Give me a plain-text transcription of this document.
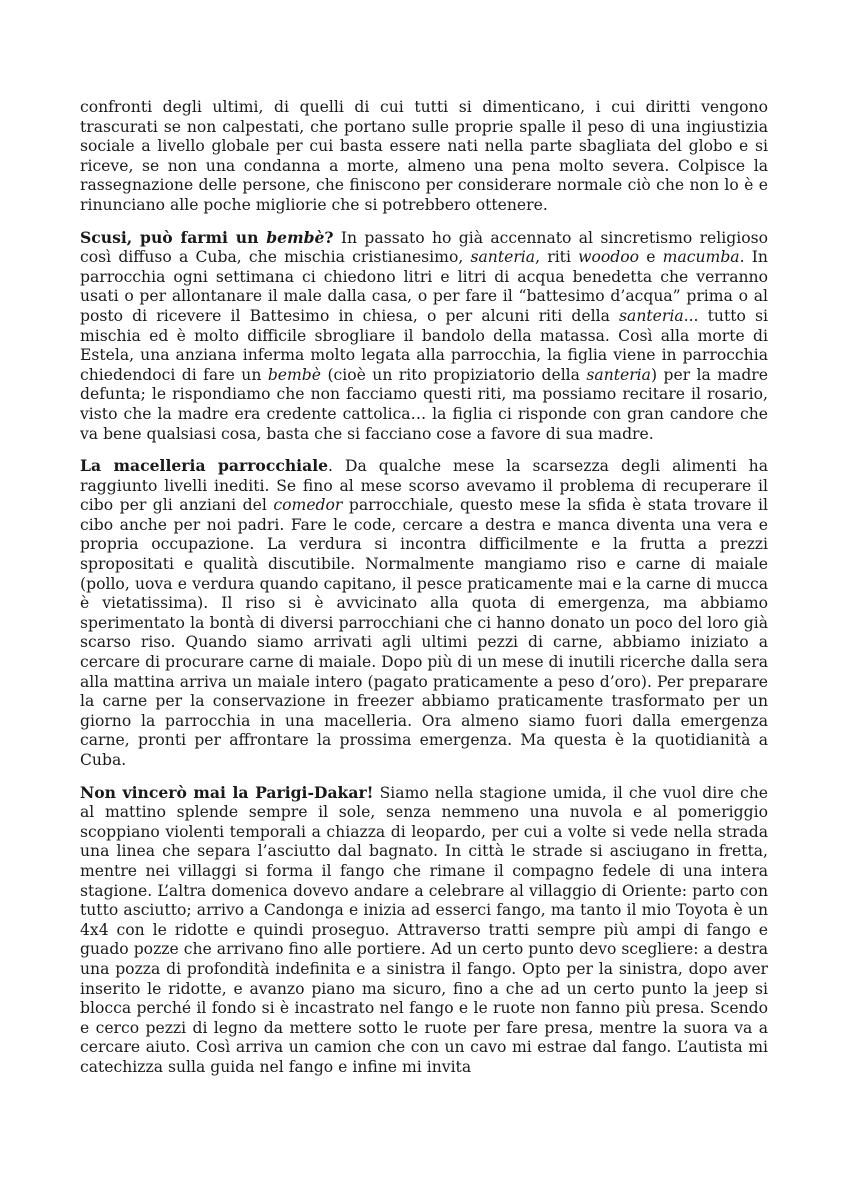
confronti degli ultimi, di quelli di cui tutti si dimenticano, i cui diritti vengono trascurati se non calpestati, che portano sulle proprie spalle il peso di una ingiustizia sociale a livello globale per cui basta essere nati nella parte sbagliata del globo e si riceve, se non una condanna a morte, almeno una pena molto severa. Colpisce la rassegnazione delle persone, che finiscono per considerare normale ciò che non lo è e rinunciano alle poche migliorie che si potrebbero ottenere.

Scusi, può farmi un bembè? In passato ho già accennato al sincretismo religioso così diffuso a Cuba, che mischia cristianesimo, santeria, riti woodoo e macumba. In parrocchia ogni settimana ci chiedono litri e litri di acqua benedetta che verranno usati o per allontanare il male dalla casa, o per fare il “battesimo d’acqua” prima o al posto di ricevere il Battesimo in chiesa, o per alcuni riti della santeria... tutto si mischia ed è molto difficile sbrogliare il bandolo della matassa. Così alla morte di Estela, una anziana inferma molto legata alla parrocchia, la figlia viene in parrocchia chiedendoci di fare un bembè (cioè un rito propiziatorio della santeria) per la madre defunta; le rispondiamo che non facciamo questi riti, ma possiamo recitare il rosario, visto che la madre era credente cattolica… la figlia ci risponde con gran candore che va bene qualsiasi cosa, basta che si facciano cose a favore di sua madre.

La macelleria parrocchiale. Da qualche mese la scarsezza degli alimenti ha raggiunto livelli inediti. Se fino al mese scorso avevamo il problema di recuperare il cibo per gli anziani del comedor parrocchiale, questo mese la sfida è stata trovare il cibo anche per noi padri. Fare le code, cercare a destra e manca diventa una vera e propria occupazione. La verdura si incontra difficilmente e la frutta a prezzi spropositati e qualità discutibile. Normalmente mangiamo riso e carne di maiale (pollo, uova e verdura quando capitano, il pesce praticamente mai e la carne di mucca è vietatissima). Il riso si è avvicinato alla quota di emergenza, ma abbiamo sperimentato la bontà di diversi parrocchiani che ci hanno donato un poco del loro già scarso riso. Quando siamo arrivati agli ultimi pezzi di carne, abbiamo iniziato a cercare di procurare carne di maiale. Dopo più di un mese di inutili ricerche dalla sera alla mattina arriva un maiale intero (pagato praticamente a peso d’oro). Per preparare la carne per la conservazione in freezer abbiamo praticamente trasformato per un giorno la parrocchia in una macelleria. Ora almeno siamo fuori dalla emergenza carne, pronti per affrontare la prossima emergenza. Ma questa è la quotidianità a Cuba.

Non vincerò mai la Parigi-Dakar! Siamo nella stagione umida, il che vuol dire che al mattino splende sempre il sole, senza nemmeno una nuvola e al pomeriggio scoppiano violenti temporali a chiazza di leopardo, per cui a volte si vede nella strada una linea che separa l’asciutto dal bagnato. In città le strade si asciugano in fretta, mentre nei villaggi si forma il fango che rimane il compagno fedele di una intera stagione. L’altra domenica dovevo andare a celebrare al villaggio di Oriente: parto con tutto asciutto; arrivo a Candonga e inizia ad esserci fango, ma tanto il mio Toyota è un 4x4 con le ridotte e quindi proseguo. Attraverso tratti sempre più ampi di fango e guado pozze che arrivano fino alle portiere. Ad un certo punto devo scegliere: a destra una pozza di profondità indefinita e a sinistra il fango. Opto per la sinistra, dopo aver inserito le ridotte, e avanzo piano ma sicuro, fino a che ad un certo punto la jeep si blocca perché il fondo si è incastrato nel fango e le ruote non fanno più presa. Scendo e cerco pezzi di legno da mettere sotto le ruote per fare presa, mentre la suora va a cercare aiuto. Così arriva un camion che con un cavo mi estrae dal fango. L’autista mi catechizza sulla guida nel fango e infine mi invita
